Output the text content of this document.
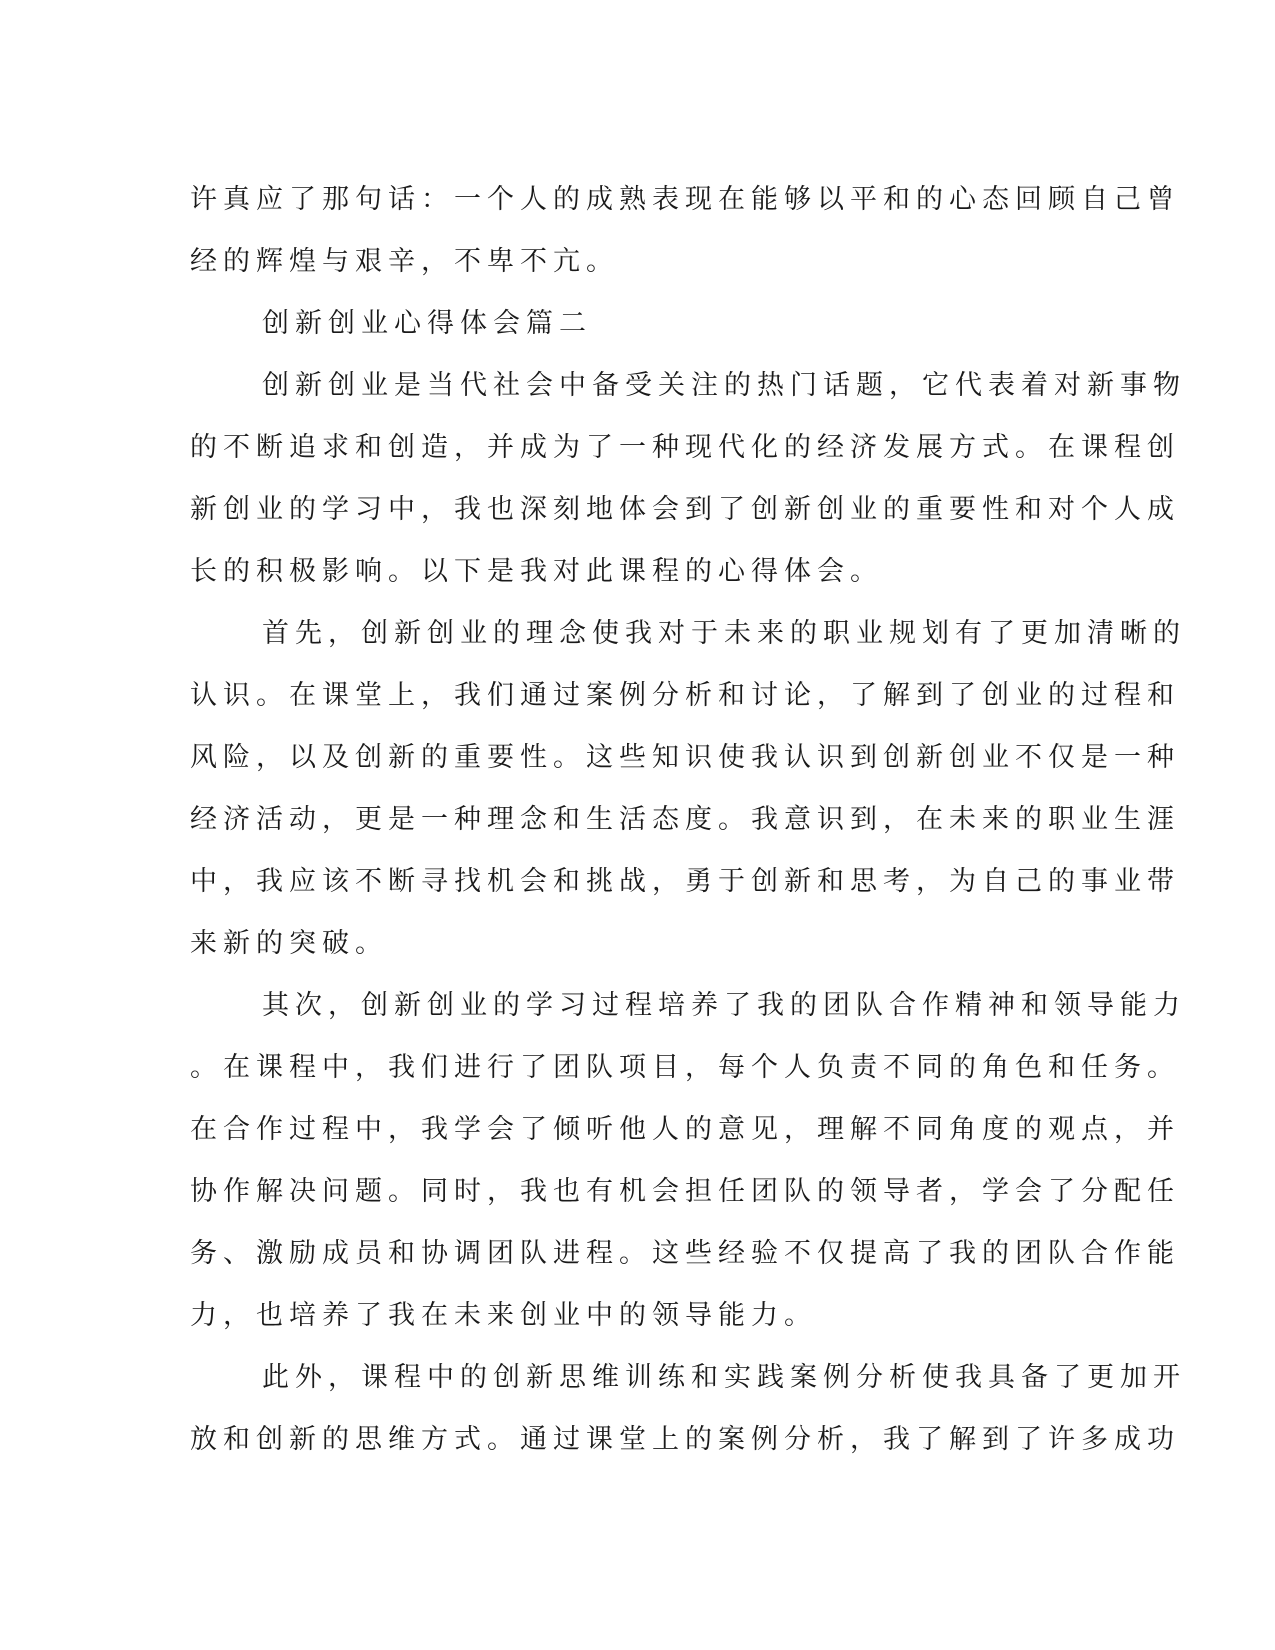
许真应了那句话：一个人的成熟表现在能够以平和的心态回顾自己曾
经的辉煌与艰辛，不卑不亢。
创新创业心得体会篇二
创新创业是当代社会中备受关注的热门话题，它代表着对新事物
的不断追求和创造，并成为了一种现代化的经济发展方式。在课程创
新创业的学习中，我也深刻地体会到了创新创业的重要性和对个人成
长的积极影响。以下是我对此课程的心得体会。
首先，创新创业的理念使我对于未来的职业规划有了更加清晰的
认识。在课堂上，我们通过案例分析和讨论，了解到了创业的过程和
风险，以及创新的重要性。这些知识使我认识到创新创业不仅是一种
经济活动，更是一种理念和生活态度。我意识到，在未来的职业生涯
中，我应该不断寻找机会和挑战，勇于创新和思考，为自己的事业带
来新的突破。
其次，创新创业的学习过程培养了我的团队合作精神和领导能力
。在课程中，我们进行了团队项目，每个人负责不同的角色和任务。
在合作过程中，我学会了倾听他人的意见，理解不同角度的观点，并
协作解决问题。同时，我也有机会担任团队的领导者，学会了分配任
务、激励成员和协调团队进程。这些经验不仅提高了我的团队合作能
力，也培养了我在未来创业中的领导能力。
此外，课程中的创新思维训练和实践案例分析使我具备了更加开
放和创新的思维方式。通过课堂上的案例分析，我了解到了许多成功
